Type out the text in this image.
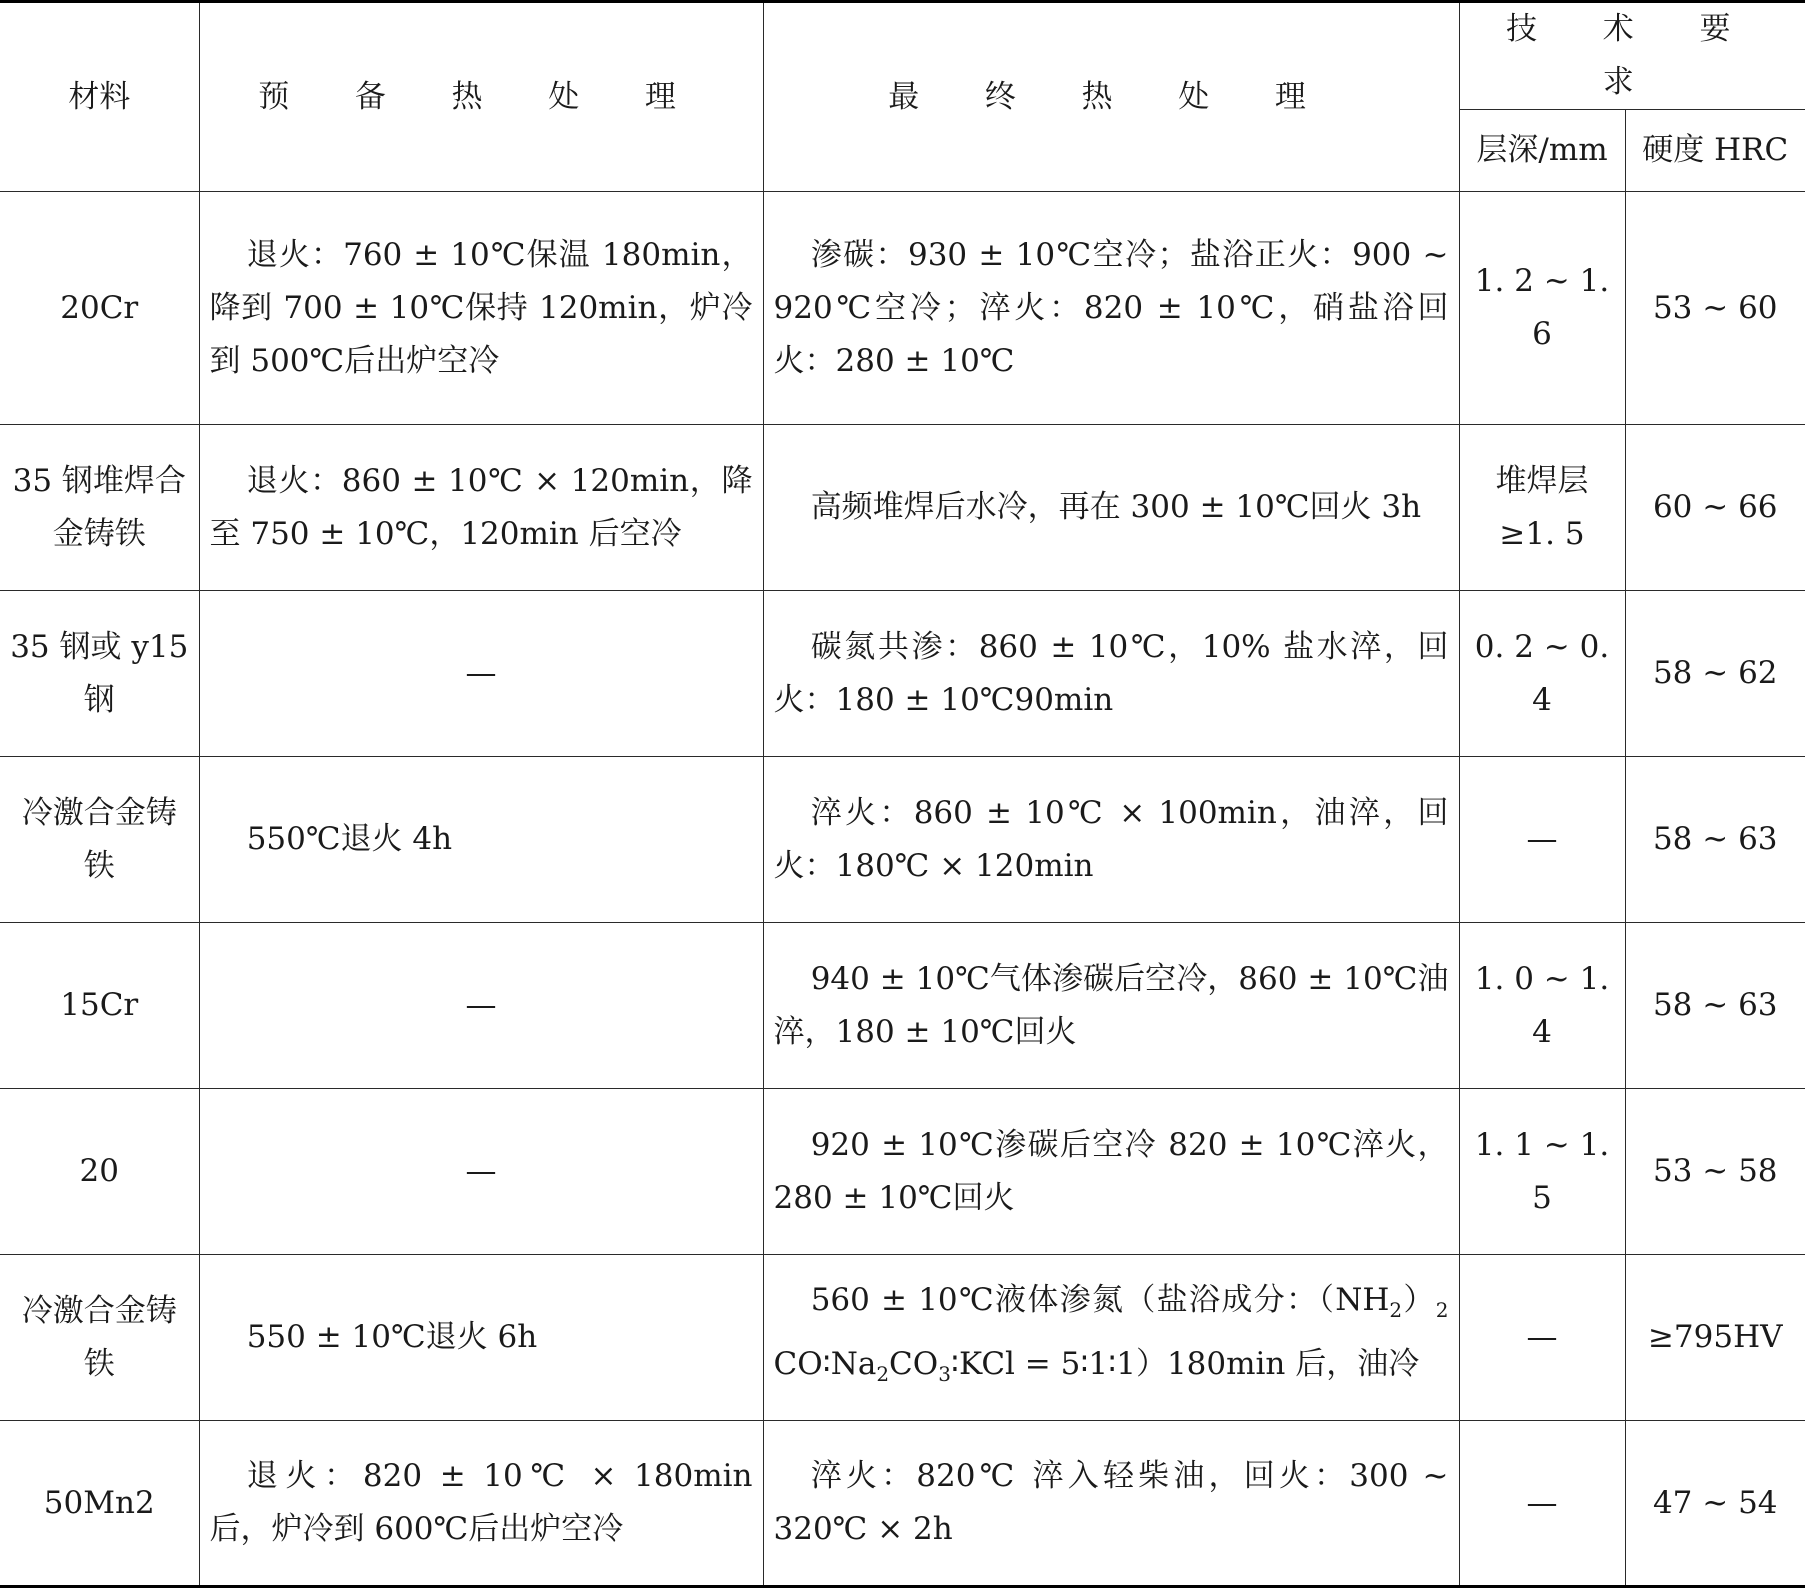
材料	预 备 热 处 理	最 终 热 处 理	技 术 要 求	
			层深/mm	硬度 HRC
20Cr	退火：760 ± 10℃保温 180min，降到 700 ± 10℃保持 120min，炉冷到 500℃后出炉空冷	渗碳：930 ± 10℃空冷；盐浴正火：900 ~ 920℃空冷；淬火：820 ± 10℃，硝盐浴回火：280 ± 10℃	1. 2 ~ 1. 6	53 ~ 60
35 钢堆焊合金铸铁	退火：860 ± 10℃ × 120min，降至 750 ± 10℃，120min 后空冷	高频堆焊后水冷，再在 300 ± 10℃回火 3h	堆焊层 ≥1. 5	60 ~ 66
35 钢或 y15 钢	—	碳氮共渗：860 ± 10℃，10% 盐水淬，回火：180 ± 10℃90min	0. 2 ~ 0. 4	58 ~ 62
冷激合金铸铁	550℃退火 4h	淬火：860 ± 10℃ × 100min，油淬，回火：180℃ × 120min	—	58 ~ 63
15Cr	—	940 ± 10℃气体渗碳后空冷，860 ± 10℃油淬，180 ± 10℃回火	1. 0 ~ 1. 4	58 ~ 63
20	—	920 ± 10℃渗碳后空冷 820 ± 10℃淬火，280 ± 10℃回火	1. 1 ~ 1. 5	53 ~ 58
冷激合金铸铁	550 ± 10℃退火 6h	560 ± 10℃液体渗氮（盐浴成分：$(NH_2)_2$ $CO∶Na_2CO_3∶KCl$ = 5∶1∶1）180min 后，油冷	—	≥795HV
50Mn2	退火：820 ± 10℃ × 180min 后，炉冷到 600℃后出炉空冷	淬火：820℃ 淬入轻柴油，回火：300 ~ 320℃ × 2h	—	47 ~ 54
